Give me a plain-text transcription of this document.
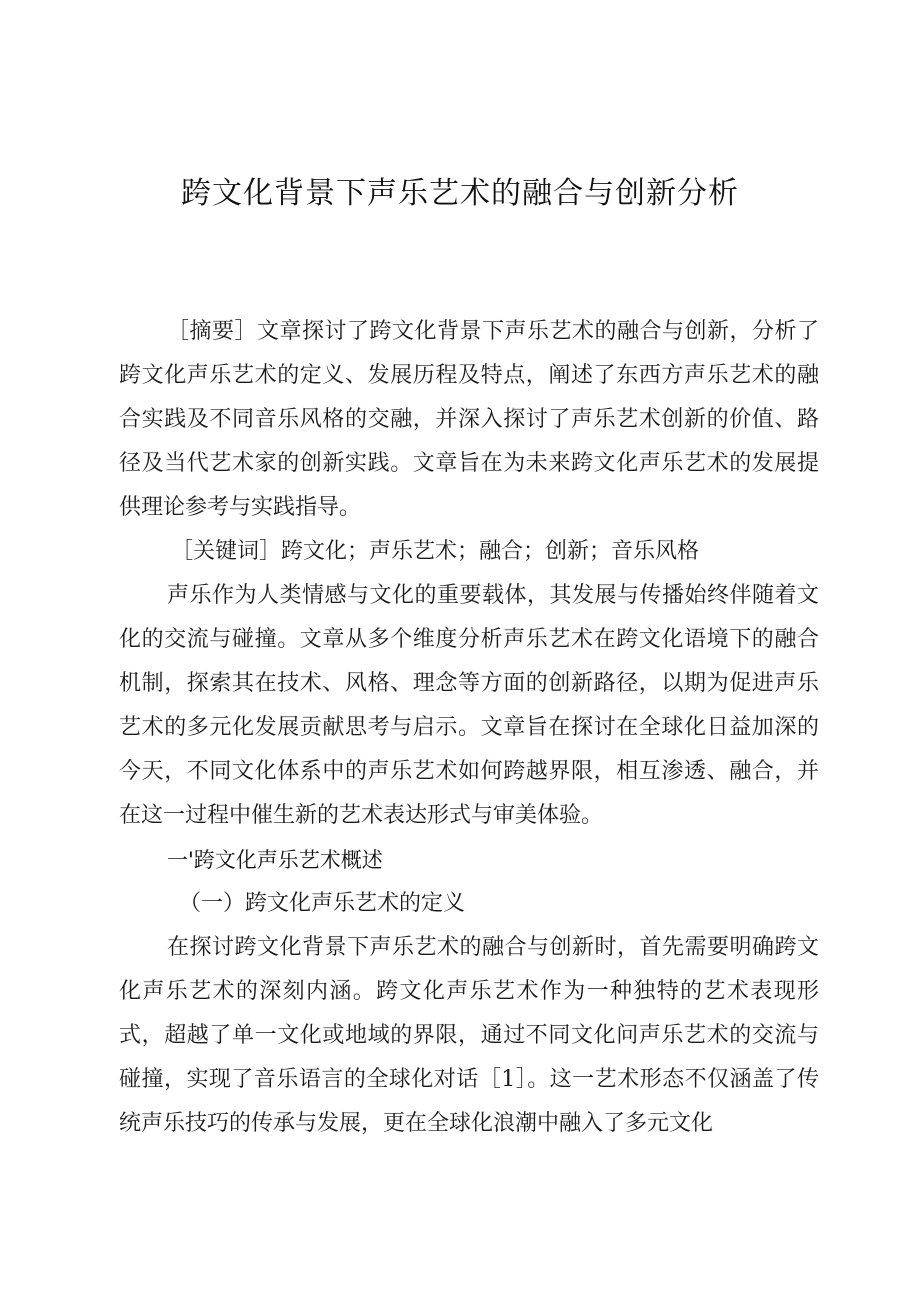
跨文化背景下声乐艺术的融合与创新分析

［摘要］文章探讨了跨文化背景下声乐艺术的融合与创新，分析了跨文化声乐艺术的定义、发展历程及特点，阐述了东西方声乐艺术的融合实践及不同音乐风格的交融，并深入探讨了声乐艺术创新的价值、路径及当代艺术家的创新实践。文章旨在为未来跨文化声乐艺术的发展提供理论参考与实践指导。

［关键词］跨文化；声乐艺术；融合；创新；音乐风格

声乐作为人类情感与文化的重要载体，其发展与传播始终伴随着文化的交流与碰撞。文章从多个维度分析声乐艺术在跨文化语境下的融合机制，探索其在技术、风格、理念等方面的创新路径，以期为促进声乐艺术的多元化发展贡献思考与启示。文章旨在探讨在全球化日益加深的今天，不同文化体系中的声乐艺术如何跨越界限，相互渗透、融合，并在这一过程中催生新的艺术表达形式与审美体验。

一'跨文化声乐艺术概述

（一）跨文化声乐艺术的定义

在探讨跨文化背景下声乐艺术的融合与创新时，首先需要明确跨文化声乐艺术的深刻内涵。跨文化声乐艺术作为一种独特的艺术表现形式，超越了单一文化或地域的界限，通过不同文化问声乐艺术的交流与碰撞，实现了音乐语言的全球化对话［1］。这一艺术形态不仅涵盖了传统声乐技巧的传承与发展，更在全球化浪潮中融入了多元文化
